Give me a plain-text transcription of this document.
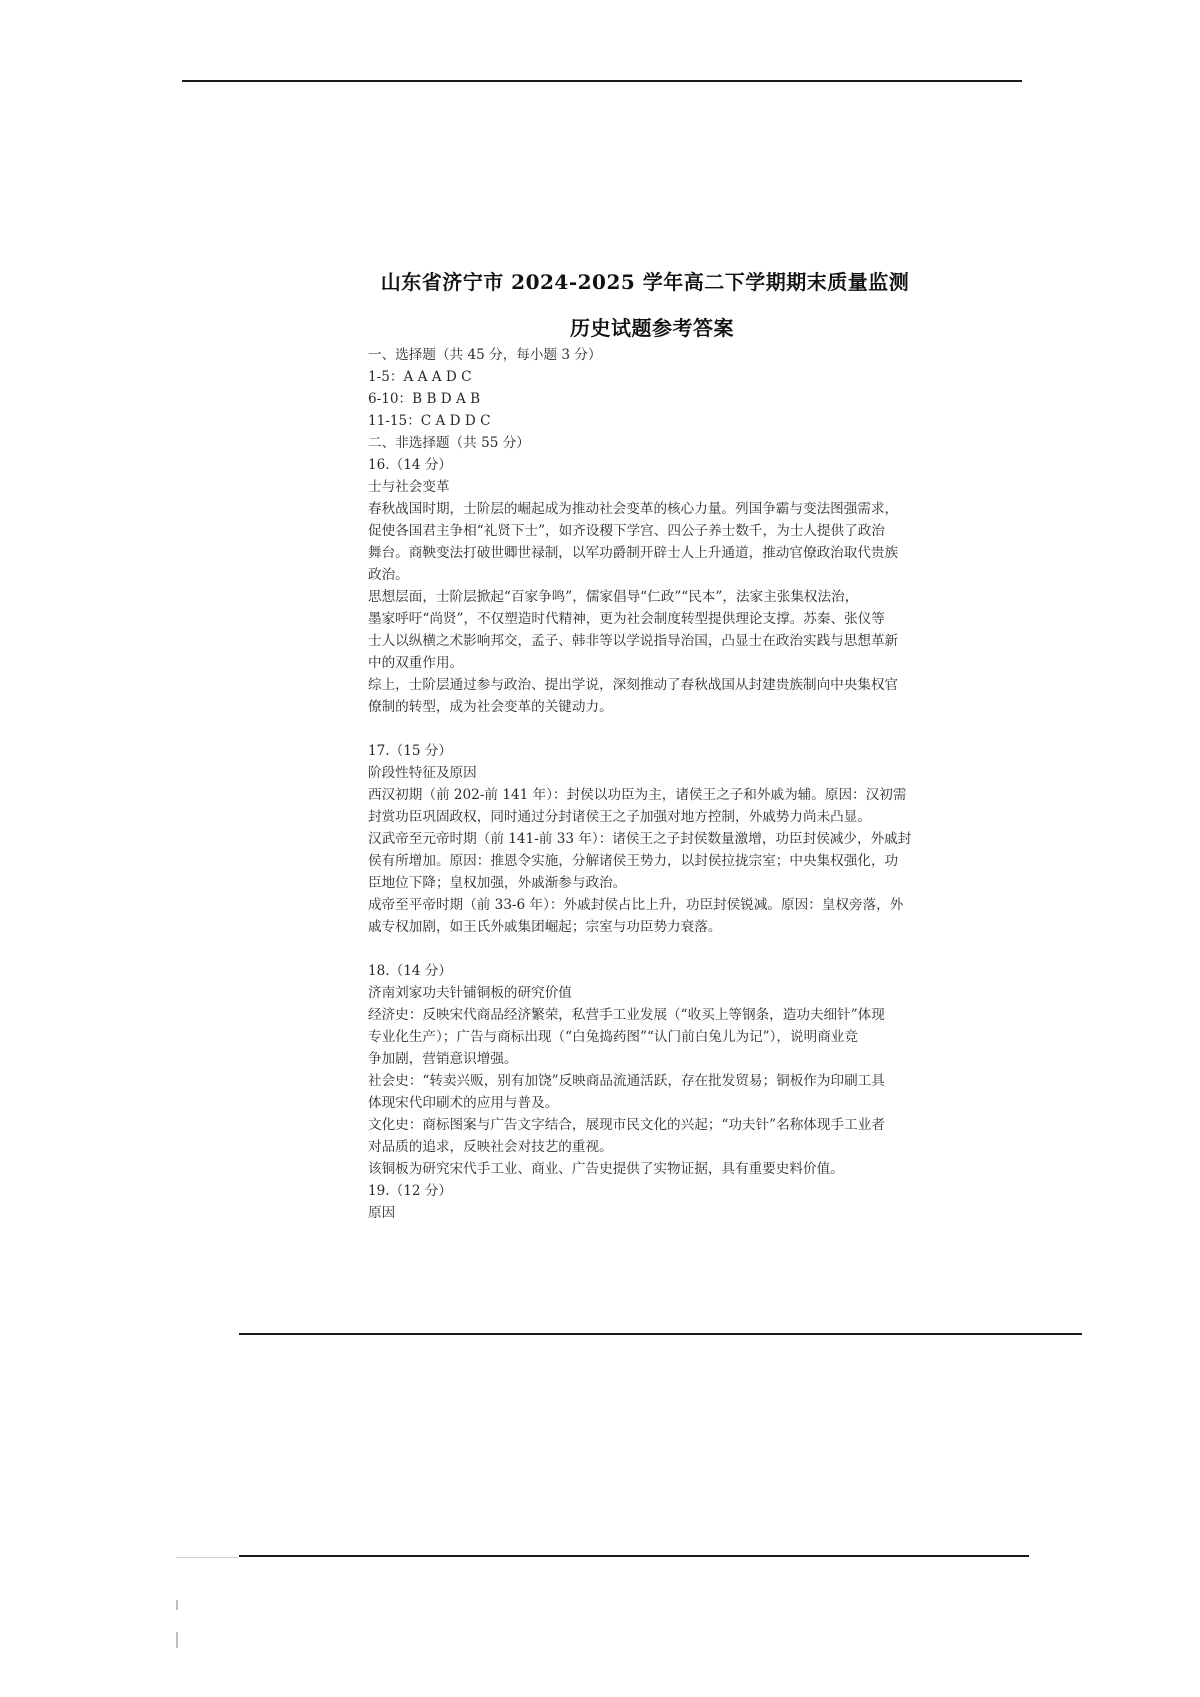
山东省济宁市 2024-2025 学年高二下学期期末质量监测
历史试题参考答案

一、选择题（共 45 分，每小题 3 分）

1-5：A A A D C

6-10：B B D A B

11-15：C A D D C

二、非选择题（共 55 分）

16.（14 分）

士与社会变革

春秋战国时期，士阶层的崛起成为推动社会变革的核心力量。列国争霸与变法图强需求，

促使各国君主争相“礼贤下士”，如齐设稷下学宫、四公子养士数千，为士人提供了政治

舞台。商鞅变法打破世卿世禄制，以军功爵制开辟士人上升通道，推动官僚政治取代贵族

政治。

思想层面，士阶层掀起“百家争鸣”，儒家倡导“仁政”“民本”，法家主张集权法治，

墨家呼吁“尚贤”，不仅塑造时代精神，更为社会制度转型提供理论支撑。苏秦、张仪等

士人以纵横之术影响邦交，孟子、韩非等以学说指导治国，凸显士在政治实践与思想革新

中的双重作用。

综上，士阶层通过参与政治、提出学说，深刻推动了春秋战国从封建贵族制向中央集权官

僚制的转型，成为社会变革的关键动力。

17.（15 分）

阶段性特征及原因

西汉初期（前 202-前 141 年）：封侯以功臣为主，诸侯王之子和外戚为辅。原因：汉初需

封赏功臣巩固政权，同时通过分封诸侯王之子加强对地方控制，外戚势力尚未凸显。

汉武帝至元帝时期（前 141-前 33 年）：诸侯王之子封侯数量激增，功臣封侯减少，外戚封

侯有所增加。原因：推恩令实施，分解诸侯王势力，以封侯拉拢宗室；中央集权强化，功

臣地位下降；皇权加强，外戚渐参与政治。

成帝至平帝时期（前 33-6 年）：外戚封侯占比上升，功臣封侯锐减。原因：皇权旁落，外

戚专权加剧，如王氏外戚集团崛起；宗室与功臣势力衰落。

18.（14 分）

济南刘家功夫针铺铜板的研究价值

经济史：反映宋代商品经济繁荣，私营手工业发展（“收买上等钢条，造功夫细针”体现

专业化生产）；广告与商标出现（“白兔捣药图”“认门前白兔儿为记”），说明商业竞

争加剧，营销意识增强。

社会史：“转卖兴贩，别有加饶”反映商品流通活跃，存在批发贸易；铜板作为印刷工具

体现宋代印刷术的应用与普及。

文化史：商标图案与广告文字结合，展现市民文化的兴起；“功夫针”名称体现手工业者

对品质的追求，反映社会对技艺的重视。

该铜板为研究宋代手工业、商业、广告史提供了实物证据，具有重要史料价值。

19.（12 分）

原因
